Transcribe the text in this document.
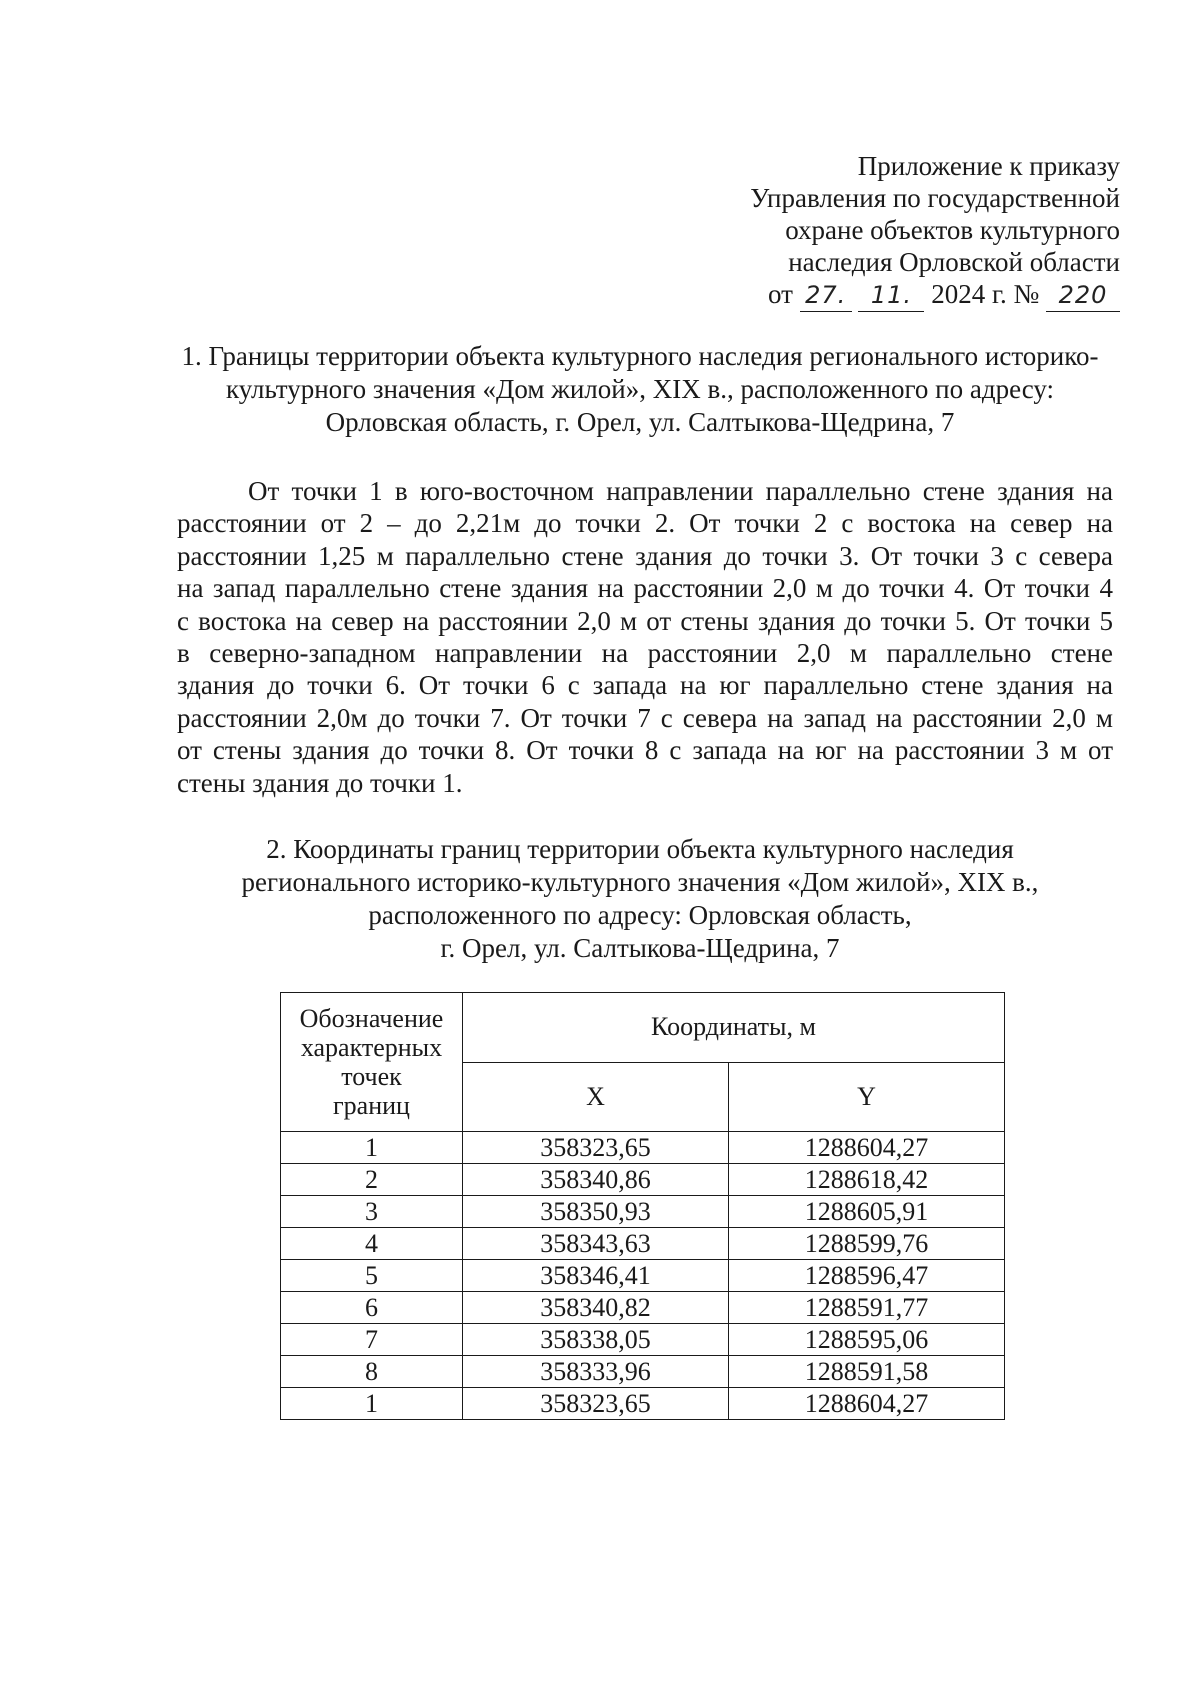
Приложение к приказу
Управления по государственной
охране объектов культурного
наследия Орловской области
от 27. 11. 2024 г. № 220
1. Границы территории объекта культурного наследия регионального историко-
культурного значения «Дом жилой», XIX в., расположенного по адресу:
Орловская область, г. Орел, ул. Салтыкова-Щедрина, 7
От точки 1 в юго-восточном направлении параллельно стене здания на
расстоянии от 2 – до 2,21м до точки 2. От точки 2 с востока на север на
расстоянии 1,25 м параллельно стене здания до точки 3. От точки 3 с севера
на запад параллельно стене здания на расстоянии 2,0 м до точки 4. От точки 4
с востока на север на расстоянии 2,0 м от стены здания до точки 5. От точки 5
в северно-западном направлении на расстоянии 2,0 м параллельно стене
здания до точки 6. От точки 6 с запада на юг параллельно стене здания на
расстоянии 2,0м до точки 7. От точки 7 с севера на запад на расстоянии 2,0 м
от стены здания до точки 8. От точки 8 с запада на юг на расстоянии 3 м от
стены здания до точки 1.
2. Координаты границ территории объекта культурного наследия
регионального историко-культурного значения «Дом жилой», XIX в.,
расположенного по адресу: Орловская область,
г. Орел, ул. Салтыкова-Щедрина, 7
Обозначение
характерных
точек
границ	Координаты, м	
	X	Y
1	358323,65	1288604,27
2	358340,86	1288618,42
3	358350,93	1288605,91
4	358343,63	1288599,76
5	358346,41	1288596,47
6	358340,82	1288591,77
7	358338,05	1288595,06
8	358333,96	1288591,58
1	358323,65	1288604,27
